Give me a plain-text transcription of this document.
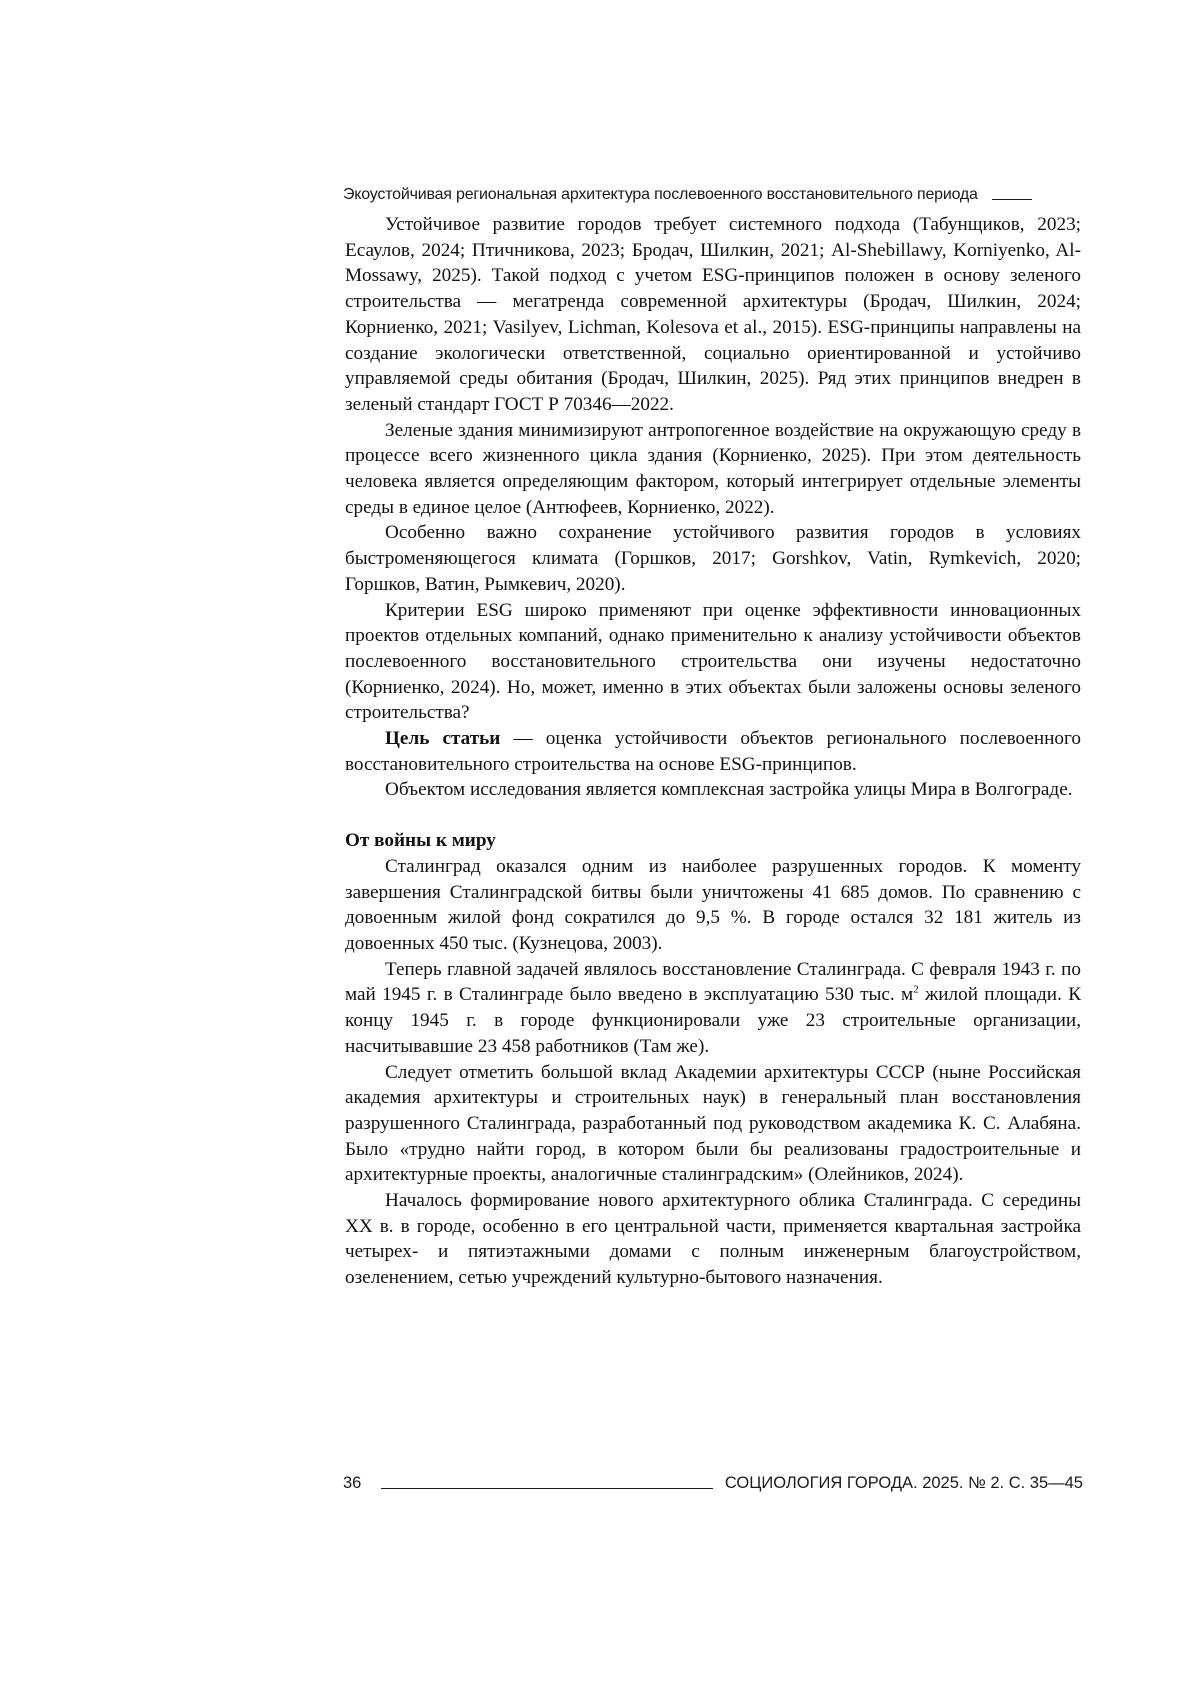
Экоустойчивая региональная архитектура послевоенного восстановительного периода

Устойчивое развитие городов требует системного подхода (Табунщиков, 2023; Есаулов, 2024; Птичникова, 2023; Бродач, Шилкин, 2021; Al-Shebillawy, Korniyenko, Al-Mossawy, 2025). Такой подход с учетом ESG-принципов положен в основу зеленого строительства — мегатренда современной архитектуры (Бродач, Шилкин, 2024; Корниенко, 2021; Vasilyev, Lichman, Kolesova et al., 2015). ESG-принципы направлены на создание экологически ответственной, социально ориентированной и устойчиво управляемой среды обитания (Бродач, Шилкин, 2025). Ряд этих принципов внедрен в зеленый стандарт ГОСТ Р 70346—2022.

Зеленые здания минимизируют антропогенное воздействие на окружающую среду в процессе всего жизненного цикла здания (Корниенко, 2025). При этом деятельность человека является определяющим фактором, который интегрирует отдельные элементы среды в единое целое (Антюфеев, Корниенко, 2022).

Особенно важно сохранение устойчивого развития городов в условиях быстроменяющегося климата (Горшков, 2017; Gorshkov, Vatin, Rymkevich, 2020; Горшков, Ватин, Рымкевич, 2020).

Критерии ESG широко применяют при оценке эффективности инновационных проектов отдельных компаний, однако применительно к анализу устойчивости объектов послевоенного восстановительного строительства они изучены недостаточно (Корниенко, 2024). Но, может, именно в этих объектах были заложены основы зеленого строительства?

Цель статьи — оценка устойчивости объектов регионального послевоенного восстановительного строительства на основе ESG-принципов.

Объектом исследования является комплексная застройка улицы Мира в Волгограде.

От войны к миру

Сталинград оказался одним из наиболее разрушенных городов. К моменту завершения Сталинградской битвы были уничтожены 41 685 домов. По сравнению с довоенным жилой фонд сократился до 9,5 %. В городе остался 32 181 житель из довоенных 450 тыс. (Кузнецова, 2003).

Теперь главной задачей являлось восстановление Сталинграда. С февраля 1943 г. по май 1945 г. в Сталинграде было введено в эксплуатацию 530 тыс. $м^2$ жилой площади. К концу 1945 г. в городе функционировали уже 23 строительные организации, насчитывавшие 23 458 работников (Там же).

Следует отметить большой вклад Академии архитектуры СССР (ныне Российская академия архитектуры и строительных наук) в генеральный план восстановления разрушенного Сталинграда, разработанный под руководством академика К. С. Алабяна. Было «трудно найти город, в котором были бы реализованы градостроительные и архитектурные проекты, аналогичные сталинградским» (Олейников, 2024).

Началось формирование нового архитектурного облика Сталинграда. С середины XX в. в городе, особенно в его центральной части, применяется квартальная застройка четырех- и пятиэтажными домами с полным инженерным благоустройством, озеленением, сетью учреждений культурно-бытового назначения.

36	СОЦИОЛОГИЯ ГОРОДА. 2025. № 2. С. 35—45
